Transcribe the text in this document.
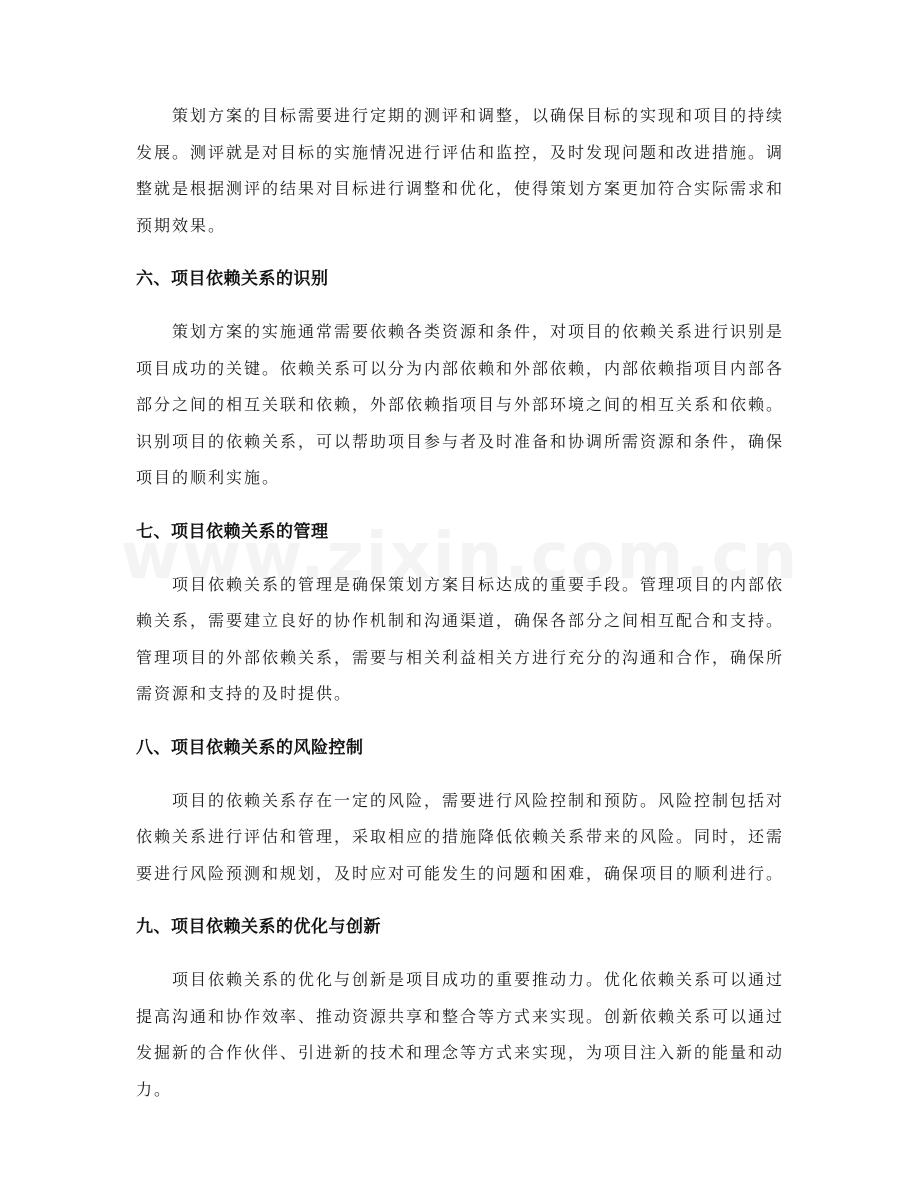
策划方案的目标需要进行定期的测评和调整，以确保目标的实现和项目的持续发展。测评就是对目标的实施情况进行评估和监控，及时发现问题和改进措施。调整就是根据测评的结果对目标进行调整和优化，使得策划方案更加符合实际需求和预期效果。

六、项目依赖关系的识别

策划方案的实施通常需要依赖各类资源和条件，对项目的依赖关系进行识别是项目成功的关键。依赖关系可以分为内部依赖和外部依赖，内部依赖指项目内部各部分之间的相互关联和依赖，外部依赖指项目与外部环境之间的相互关系和依赖。识别项目的依赖关系，可以帮助项目参与者及时准备和协调所需资源和条件，确保项目的顺利实施。

七、项目依赖关系的管理

项目依赖关系的管理是确保策划方案目标达成的重要手段。管理项目的内部依赖关系，需要建立良好的协作机制和沟通渠道，确保各部分之间相互配合和支持。管理项目的外部依赖关系，需要与相关利益相关方进行充分的沟通和合作，确保所需资源和支持的及时提供。

八、项目依赖关系的风险控制

项目的依赖关系存在一定的风险，需要进行风险控制和预防。风险控制包括对依赖关系进行评估和管理，采取相应的措施降低依赖关系带来的风险。同时，还需要进行风险预测和规划，及时应对可能发生的问题和困难，确保项目的顺利进行。

九、项目依赖关系的优化与创新

项目依赖关系的优化与创新是项目成功的重要推动力。优化依赖关系可以通过提高沟通和协作效率、推动资源共享和整合等方式来实现。创新依赖关系可以通过发掘新的合作伙伴、引进新的技术和理念等方式来实现，为项目注入新的能量和动力。
